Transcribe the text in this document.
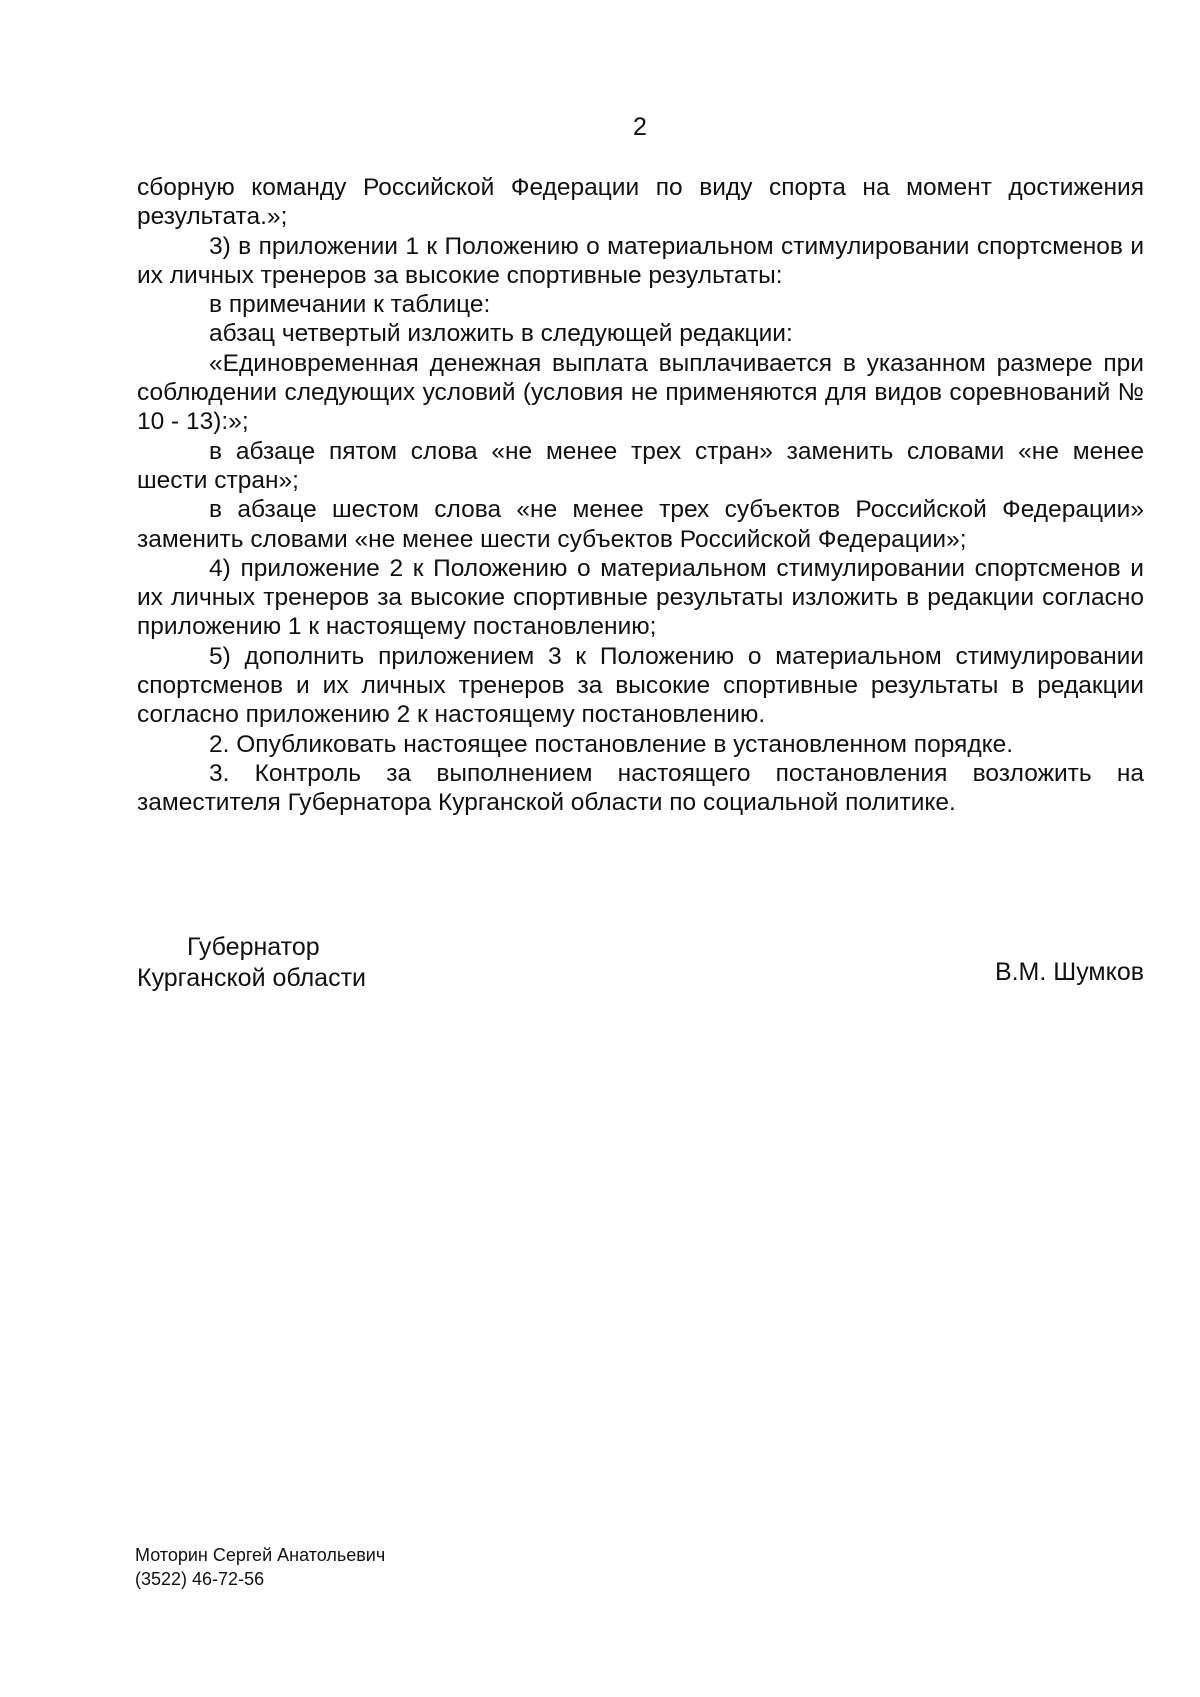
2

сборную команду Российской Федерации по виду спорта на момент достижения результата.»;

3) в приложении 1 к Положению о материальном стимулировании спортсменов и их личных тренеров за высокие спортивные результаты:

в примечании к таблице:

абзац четвертый изложить в следующей редакции:

«Единовременная денежная выплата выплачивается в указанном размере при соблюдении следующих условий (условия не применяются для видов соревнований № 10 - 13):»;

в абзаце пятом слова «не менее трех стран» заменить словами «не менее шести стран»;

в абзаце шестом слова «не менее трех субъектов Российской Федерации» заменить словами «не менее шести субъектов Российской Федерации»;

4) приложение 2 к Положению о материальном стимулировании спортсменов и их личных тренеров за высокие спортивные результаты изложить в редакции согласно приложению 1 к настоящему постановлению;

5) дополнить приложением 3 к Положению о материальном стимулировании спортсменов и их личных тренеров за высокие спортивные результаты в редакции согласно приложению 2 к настоящему постановлению.

2. Опубликовать настоящее постановление в установленном порядке.

3. Контроль за выполнением настоящего постановления возложить на заместителя Губернатора Курганской области по социальной политике.

Губернатор
Курганской области	В.М. Шумков
Моторин Сергей Анатольевич
(3522) 46-72-56
